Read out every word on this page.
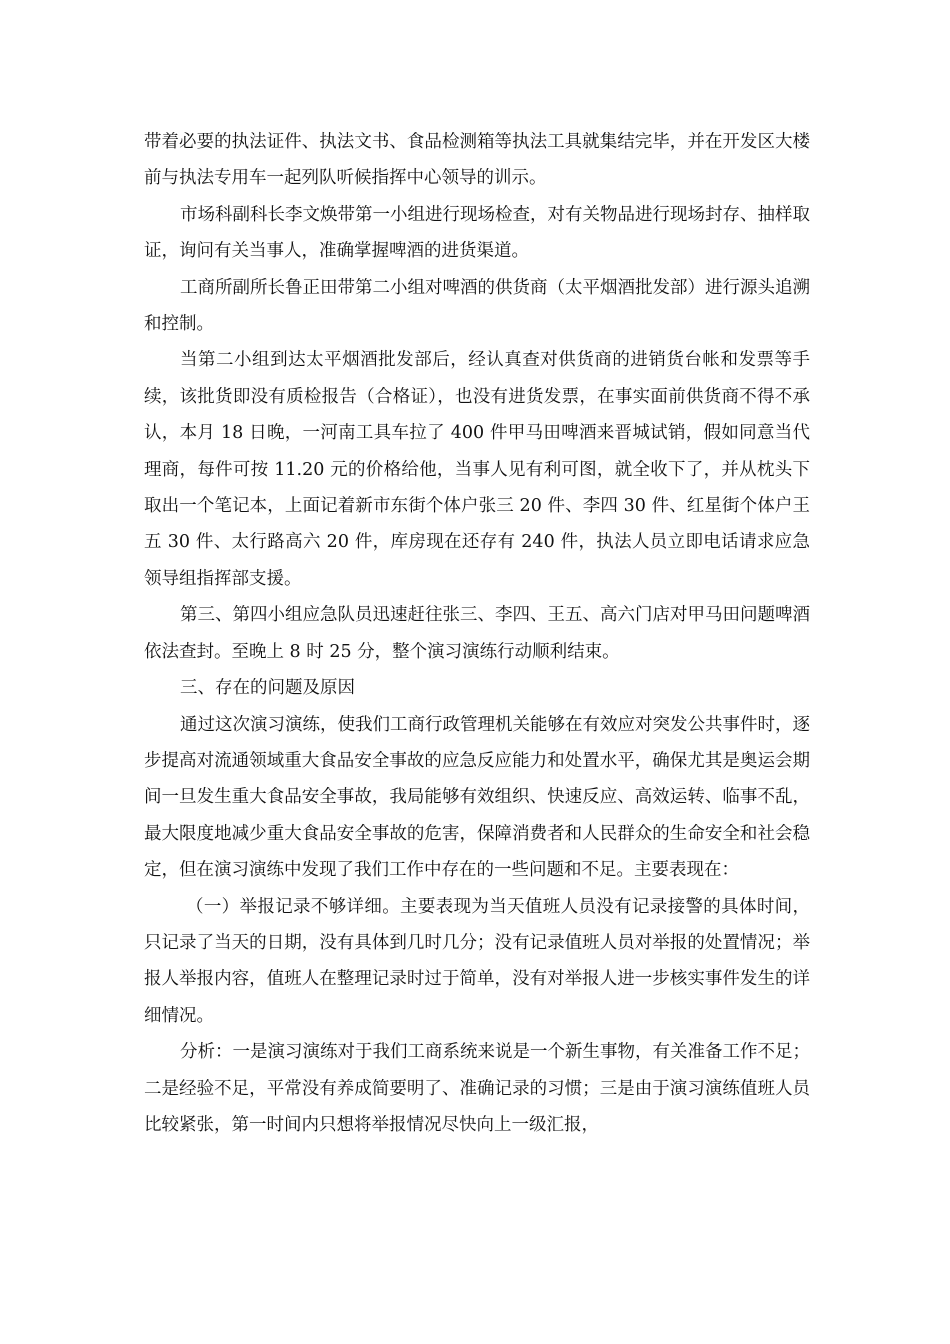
带着必要的执法证件、执法文书、食品检测箱等执法工具就集结完毕，并在开发区大楼前与执法专用车一起列队听候指挥中心领导的训示。

市场科副科长李文焕带第一小组进行现场检查，对有关物品进行现场封存、抽样取证，询问有关当事人，准确掌握啤酒的进货渠道。

工商所副所长鲁正田带第二小组对啤酒的供货商（太平烟酒批发部）进行源头追溯和控制。

当第二小组到达太平烟酒批发部后，经认真查对供货商的进销货台帐和发票等手续，该批货即没有质检报告（合格证），也没有进货发票，在事实面前供货商不得不承认，本月 18 日晚，一河南工具车拉了 400 件甲马田啤酒来晋城试销，假如同意当代理商，每件可按 11.20 元的价格给他，当事人见有利可图，就全收下了，并从枕头下取出一个笔记本，上面记着新市东街个体户张三 20 件、李四 30 件、红星街个体户王五 30 件、太行路高六 20 件，库房现在还存有 240 件，执法人员立即电话请求应急领导组指挥部支援。

第三、第四小组应急队员迅速赶往张三、李四、王五、高六门店对甲马田问题啤酒依法查封。至晚上 8 时 25 分，整个演习演练行动顺利结束。

三、存在的问题及原因

通过这次演习演练，使我们工商行政管理机关能够在有效应对突发公共事件时，逐步提高对流通领域重大食品安全事故的应急反应能力和处置水平，确保尤其是奥运会期间一旦发生重大食品安全事故，我局能够有效组织、快速反应、高效运转、临事不乱，最大限度地减少重大食品安全事故的危害，保障消费者和人民群众的生命安全和社会稳定，但在演习演练中发现了我们工作中存在的一些问题和不足。主要表现在：

（一）举报记录不够详细。主要表现为当天值班人员没有记录接警的具体时间，只记录了当天的日期，没有具体到几时几分；没有记录值班人员对举报的处置情况；举报人举报内容，值班人在整理记录时过于简单，没有对举报人进一步核实事件发生的详细情况。

分析：一是演习演练对于我们工商系统来说是一个新生事物，有关准备工作不足；二是经验不足，平常没有养成简要明了、准确记录的习惯；三是由于演习演练值班人员比较紧张，第一时间内只想将举报情况尽快向上一级汇报，
